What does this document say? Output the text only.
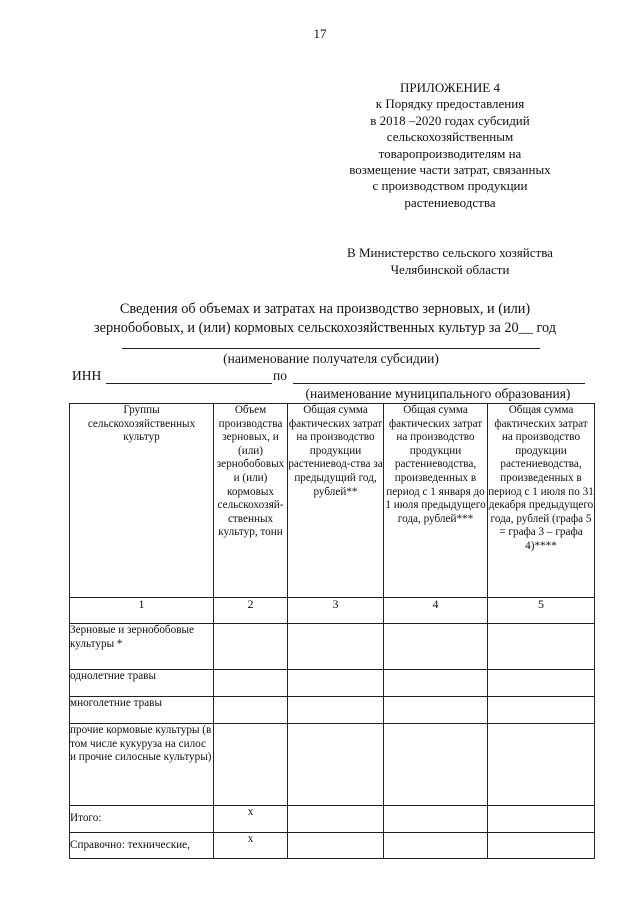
17
ПРИЛОЖЕНИЕ 4
к Порядку предоставления
в 2018 –2020 годах субсидий
сельскохозяйственным
товаропроизводителям на
возмещение части затрат, связанных
с производством продукции
растениеводства
В Министерство сельского хозяйства
Челябинской области
Сведения об объемах и затратах на производство зерновых, и (или)
зернобобовых, и (или) кормовых сельскохозяйственных культур за 20__ год
(наименование получателя субсидии)
ИНН	по
(наименование муниципального образования)
Группы сельскохозяйственных культур	Объем производства зерновых, и (или) зернобобовых и (или) кормовых сельскохозяй-ственных культур, тонн	Общая сумма фактических затрат на производство продукции растениевод-ства за предыдущий год, рублей**	Общая сумма фактических затрат на производство продукции растениеводства, произведенных в период с 1 января до 1 июля предыдущего года, рублей***	Общая сумма фактических затрат на производство продукции растениеводства, произведенных в период с 1 июля по 31 декабря предыдущего года, рублей (графа 5 = графа 3 – графа 4)****
1	2	3	4	5
Зерновые и зернобобовые культуры *				
однолетние травы				
многолетние травы				
прочие кормовые культуры (в том числе кукуруза на силос и прочие силосные культуры)				
Итого:	х			
Справочно: технические,	х			
